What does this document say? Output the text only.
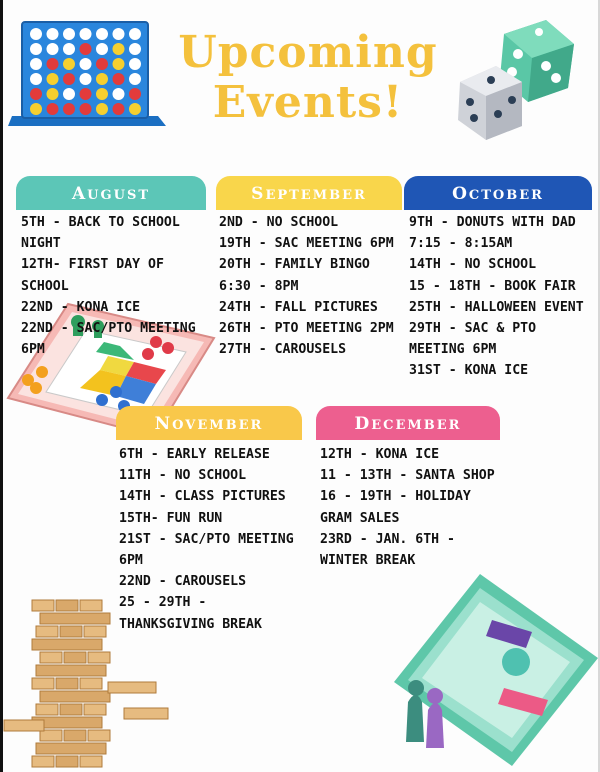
Upcoming
Events!
AUGUST
5TH - BACK TO SCHOOL NIGHT
12TH- FIRST DAY OF SCHOOL
22ND - KONA ICE
22ND - SAC/PTO MEETING 6PM
SEPTEMBER
2ND - NO SCHOOL
19TH - SAC MEETING 6PM
20TH - FAMILY BINGO 6:30 - 8PM
24TH - FALL PICTURES
26TH - PTO MEETING 2PM
27TH - CAROUSELS
OCTOBER
9TH - DONUTS WITH DAD 7:15 - 8:15AM
14TH - NO SCHOOL
15 - 18TH - BOOK FAIR
25TH - HALLOWEEN EVENT
29TH - SAC & PTO MEETING 6PM
31ST - KONA ICE
NOVEMBER
6TH - EARLY RELEASE
11TH - NO SCHOOL
14TH - CLASS PICTURES
15TH- FUN RUN
21ST - SAC/PTO MEETING 6PM
22ND - CAROUSELS
25 - 29TH - THANKSGIVING BREAK
DECEMBER
12TH - KONA ICE
11 - 13TH - SANTA SHOP
16 - 19TH - HOLIDAY GRAM SALES
23RD - JAN. 6TH - WINTER BREAK
